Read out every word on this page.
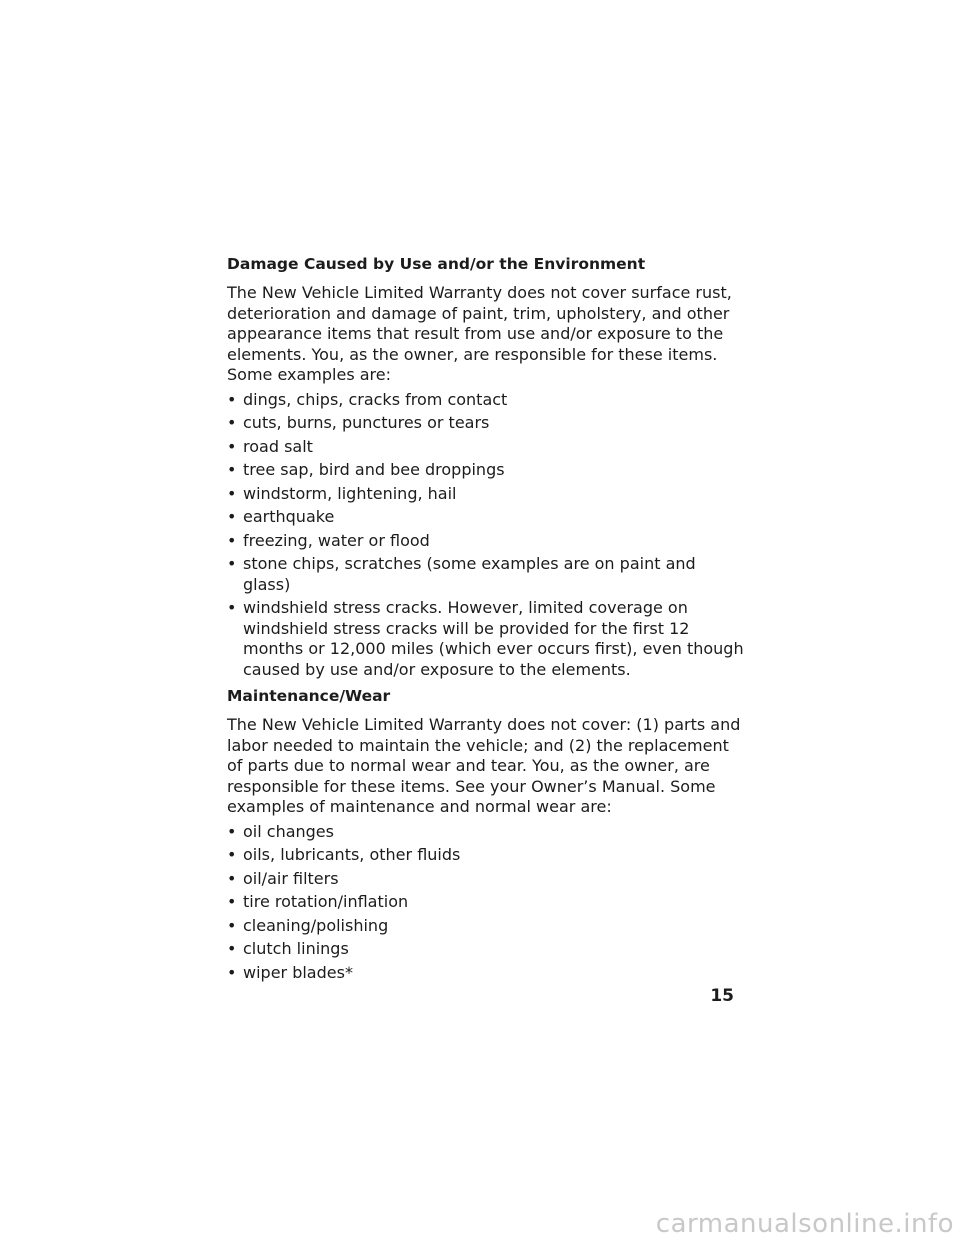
Damage Caused by Use and/or the Environment
The New Vehicle Limited Warranty does not cover surface rust, deterioration and damage of paint, trim, upholstery, and other appearance items that result from use and/or exposure to the elements. You, as the owner, are responsible for these items. Some examples are:
• dings, chips, cracks from contact
• cuts, burns, punctures or tears
• road salt
• tree sap, bird and bee droppings
• windstorm, lightening, hail
• earthquake
• freezing, water or flood
• stone chips, scratches (some examples are on paint and glass)
• windshield stress cracks. However, limited coverage on windshield stress cracks will be provided for the first 12 months or 12,000 miles (which ever occurs first), even though caused by use and/or exposure to the elements.
Maintenance/Wear
The New Vehicle Limited Warranty does not cover: (1) parts and labor needed to maintain the vehicle; and (2) the replacement of parts due to normal wear and tear. You, as the owner, are responsible for these items. See your Owner’s Manual. Some examples of maintenance and normal wear are:
• oil changes
• oils, lubricants, other fluids
• oil/air filters
• tire rotation/inflation
• cleaning/polishing
• clutch linings
• wiper blades*
15
carmanualsonline.info
